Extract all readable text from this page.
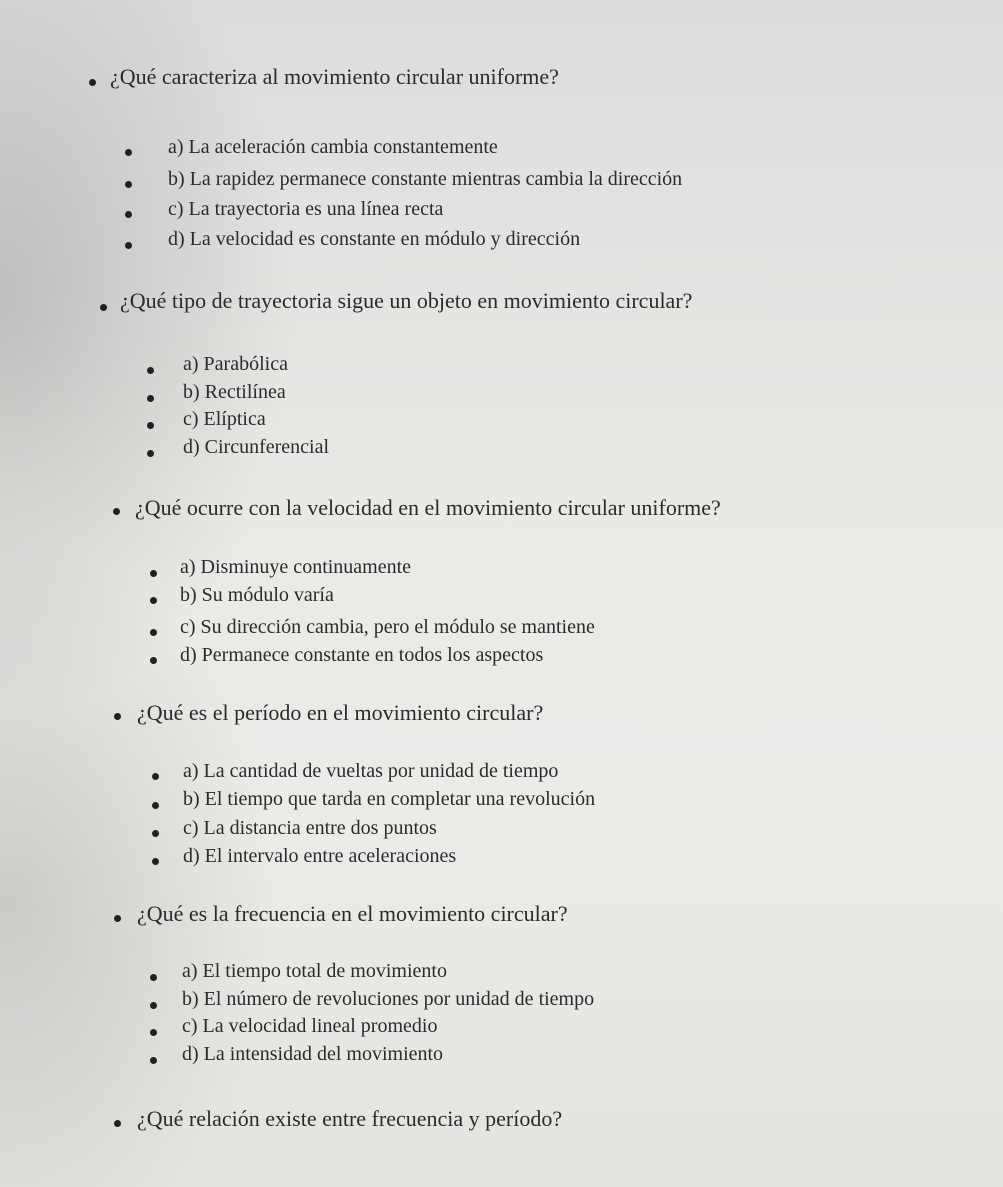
¿Qué caracteriza al movimiento circular uniforme?
a) La aceleración cambia constantemente
b) La rapidez permanece constante mientras cambia la dirección
c) La trayectoria es una línea recta
d) La velocidad es constante en módulo y dirección
¿Qué tipo de trayectoria sigue un objeto en movimiento circular?
a) Parabólica
b) Rectilínea
c) Elíptica
d) Circunferencial
¿Qué ocurre con la velocidad en el movimiento circular uniforme?
a) Disminuye continuamente
b) Su módulo varía
c) Su dirección cambia, pero el módulo se mantiene
d) Permanece constante en todos los aspectos
¿Qué es el período en el movimiento circular?
a) La cantidad de vueltas por unidad de tiempo
b) El tiempo que tarda en completar una revolución
c) La distancia entre dos puntos
d) El intervalo entre aceleraciones
¿Qué es la frecuencia en el movimiento circular?
a) El tiempo total de movimiento
b) El número de revoluciones por unidad de tiempo
c) La velocidad lineal promedio
d) La intensidad del movimiento
¿Qué relación existe entre frecuencia y período?
